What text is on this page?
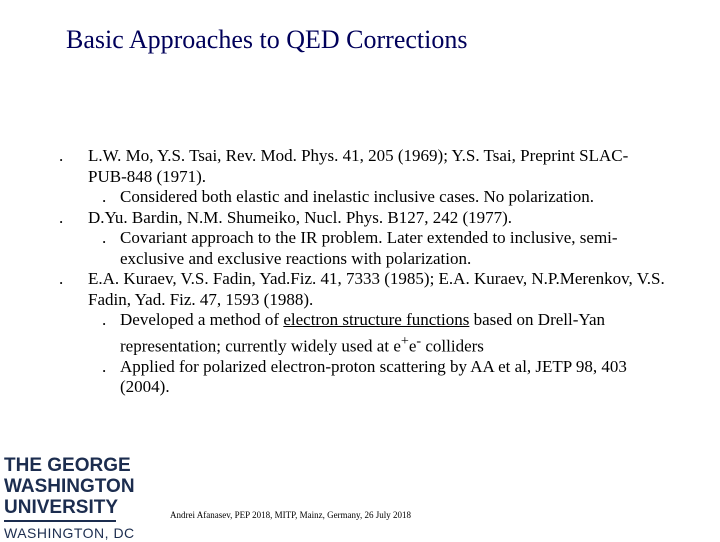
Basic Approaches to QED Corrections
. L.W. Mo, Y.S. Tsai, Rev. Mod. Phys. 41, 205 (1969); Y.S. Tsai, Preprint SLAC-PUB-848 (1971).
. Considered both elastic and inelastic inclusive cases. No polarization.
. D.Yu. Bardin, N.M. Shumeiko, Nucl. Phys. B127, 242 (1977).
. Covariant approach to the IR problem. Later extended to inclusive, semi-exclusive and exclusive reactions with polarization.
. E.A. Kuraev, V.S. Fadin, Yad.Fiz. 41, 7333 (1985); E.A. Kuraev, N.P.Merenkov, V.S. Fadin, Yad. Fiz. 47, 1593 (1988).
. Developed a method of electron structure functions based on Drell-Yan representation; currently widely used at e+e- colliders
. Applied for polarized electron-proton scattering by AA et al, JETP 98, 403 (2004).
THE GEORGE
WASHINGTON
UNIVERSITY
WASHINGTON, DC
Andrei Afanasev, PEP 2018, MITP, Mainz, Germany, 26 July 2018
